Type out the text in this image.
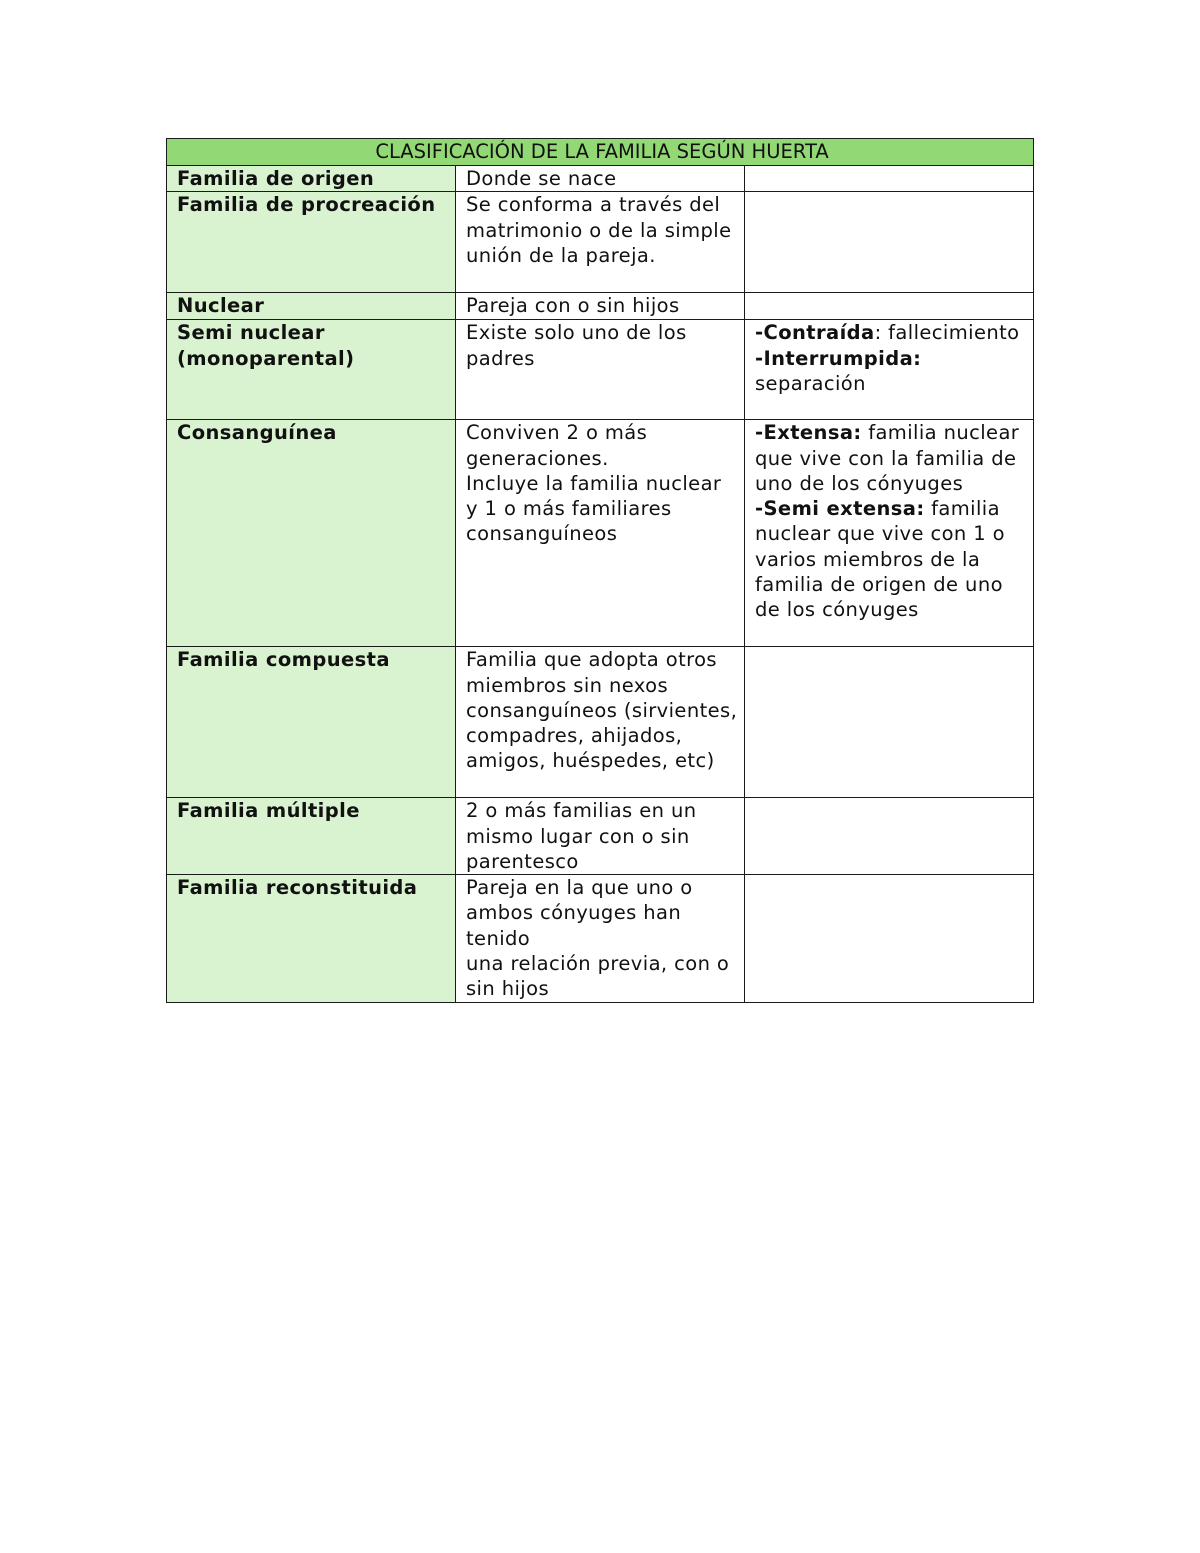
CLASIFICACIÓN DE LA FAMILIA SEGÚN HUERTA		
Familia de origen	Donde se nace	

Familia de procreación	Se conforma a través del matrimonio o de la simple unión de la pareja.	

Nuclear	Pareja con o sin hijos	

Semi nuclear (monoparental)	Existe solo uno de los padres	-Contraída: fallecimiento
-Interrumpida: separación

Consanguínea	Conviven 2 o más generaciones.
Incluye la familia nuclear y 1 o más familiares consanguíneos	-Extensa: familia nuclear que vive con la familia de uno de los cónyuges
-Semi extensa: familia nuclear que vive con 1 o varios miembros de la familia de origen de uno de los cónyuges

Familia compuesta	Familia que adopta otros miembros sin nexos consanguíneos (sirvientes, compadres, ahijados, amigos, huéspedes, etc)	

Familia múltiple	2 o más familias en un mismo lugar con o sin parentesco	

Familia reconstituida	Pareja en la que uno o ambos cónyuges han tenido
una relación previa, con o sin hijos	
